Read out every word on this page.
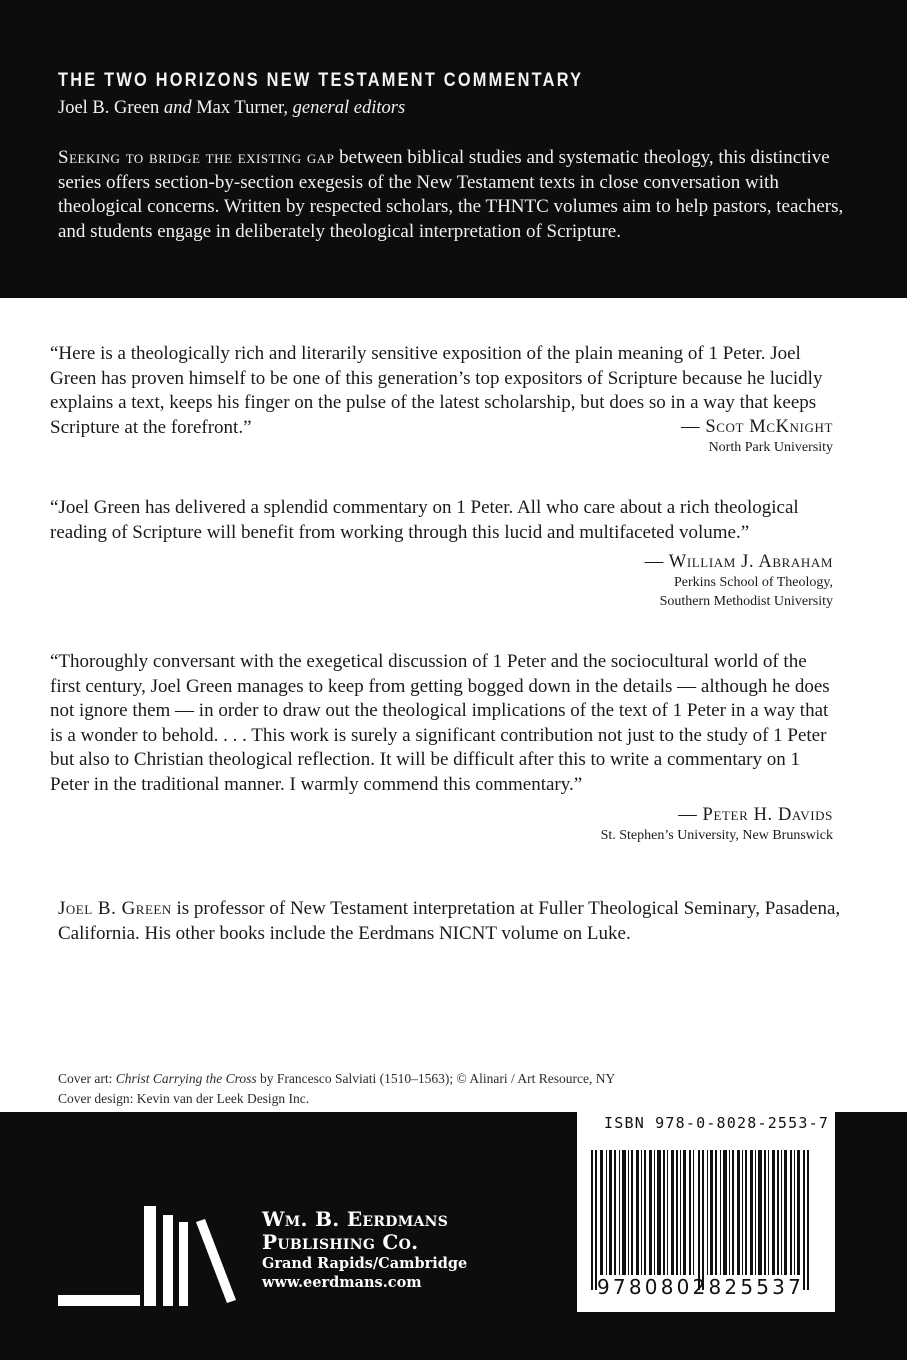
THE TWO HORIZONS NEW TESTAMENT COMMENTARY
Joel B. Green and Max Turner, general editors
Seeking to bridge the existing gap between biblical studies and systematic theology, this distinctive series offers section-by-section exegesis of the New Testament texts in close conversation with theological concerns. Written by respected scholars, the THNTC volumes aim to help pastors, teachers, and students engage in deliberately theological interpretation of Scripture.
“Here is a theologically rich and literarily sensitive exposition of the plain meaning of 1 Peter. Joel Green has proven himself to be one of this generation’s top expositors of Scripture because he lucidly explains a text, keeps his finger on the pulse of the latest scholarship, but does so in a way that keeps Scripture at the forefront.”	— Scot McKnight
North Park University
“Joel Green has delivered a splendid commentary on 1 Peter. All who care about a rich theological reading of Scripture will benefit from working through this lucid and multifaceted volume.”
— William J. Abraham
Perkins School of Theology,
Southern Methodist University
“Thoroughly conversant with the exegetical discussion of 1 Peter and the sociocultural world of the first century, Joel Green manages to keep from getting bogged down in the details — although he does not ignore them — in order to draw out the theological implications of the text of 1 Peter in a way that is a wonder to behold. . . . This work is surely a significant contribution not just to the study of 1 Peter but also to Christian theological reflection. It will be difficult after this to write a commentary on 1 Peter in the traditional manner. I warmly commend this commentary.”
— Peter H. Davids
St. Stephen’s University, New Brunswick
Joel B. Green is professor of New Testament interpretation at Fuller Theological Seminary, Pasadena, California. His other books include the Eerdmans NICNT volume on Luke.
Cover art: Christ Carrying the Cross by Francesco Salviati (1510–1563); © Alinari / Art Resource, NY
Cover design: Kevin van der Leek Design Inc.
Wm. B. Eerdmans
Publishing Co.
Grand Rapids/Cambridge
www.eerdmans.com
ISBN 978-0-8028-2553-7
9780802825537
